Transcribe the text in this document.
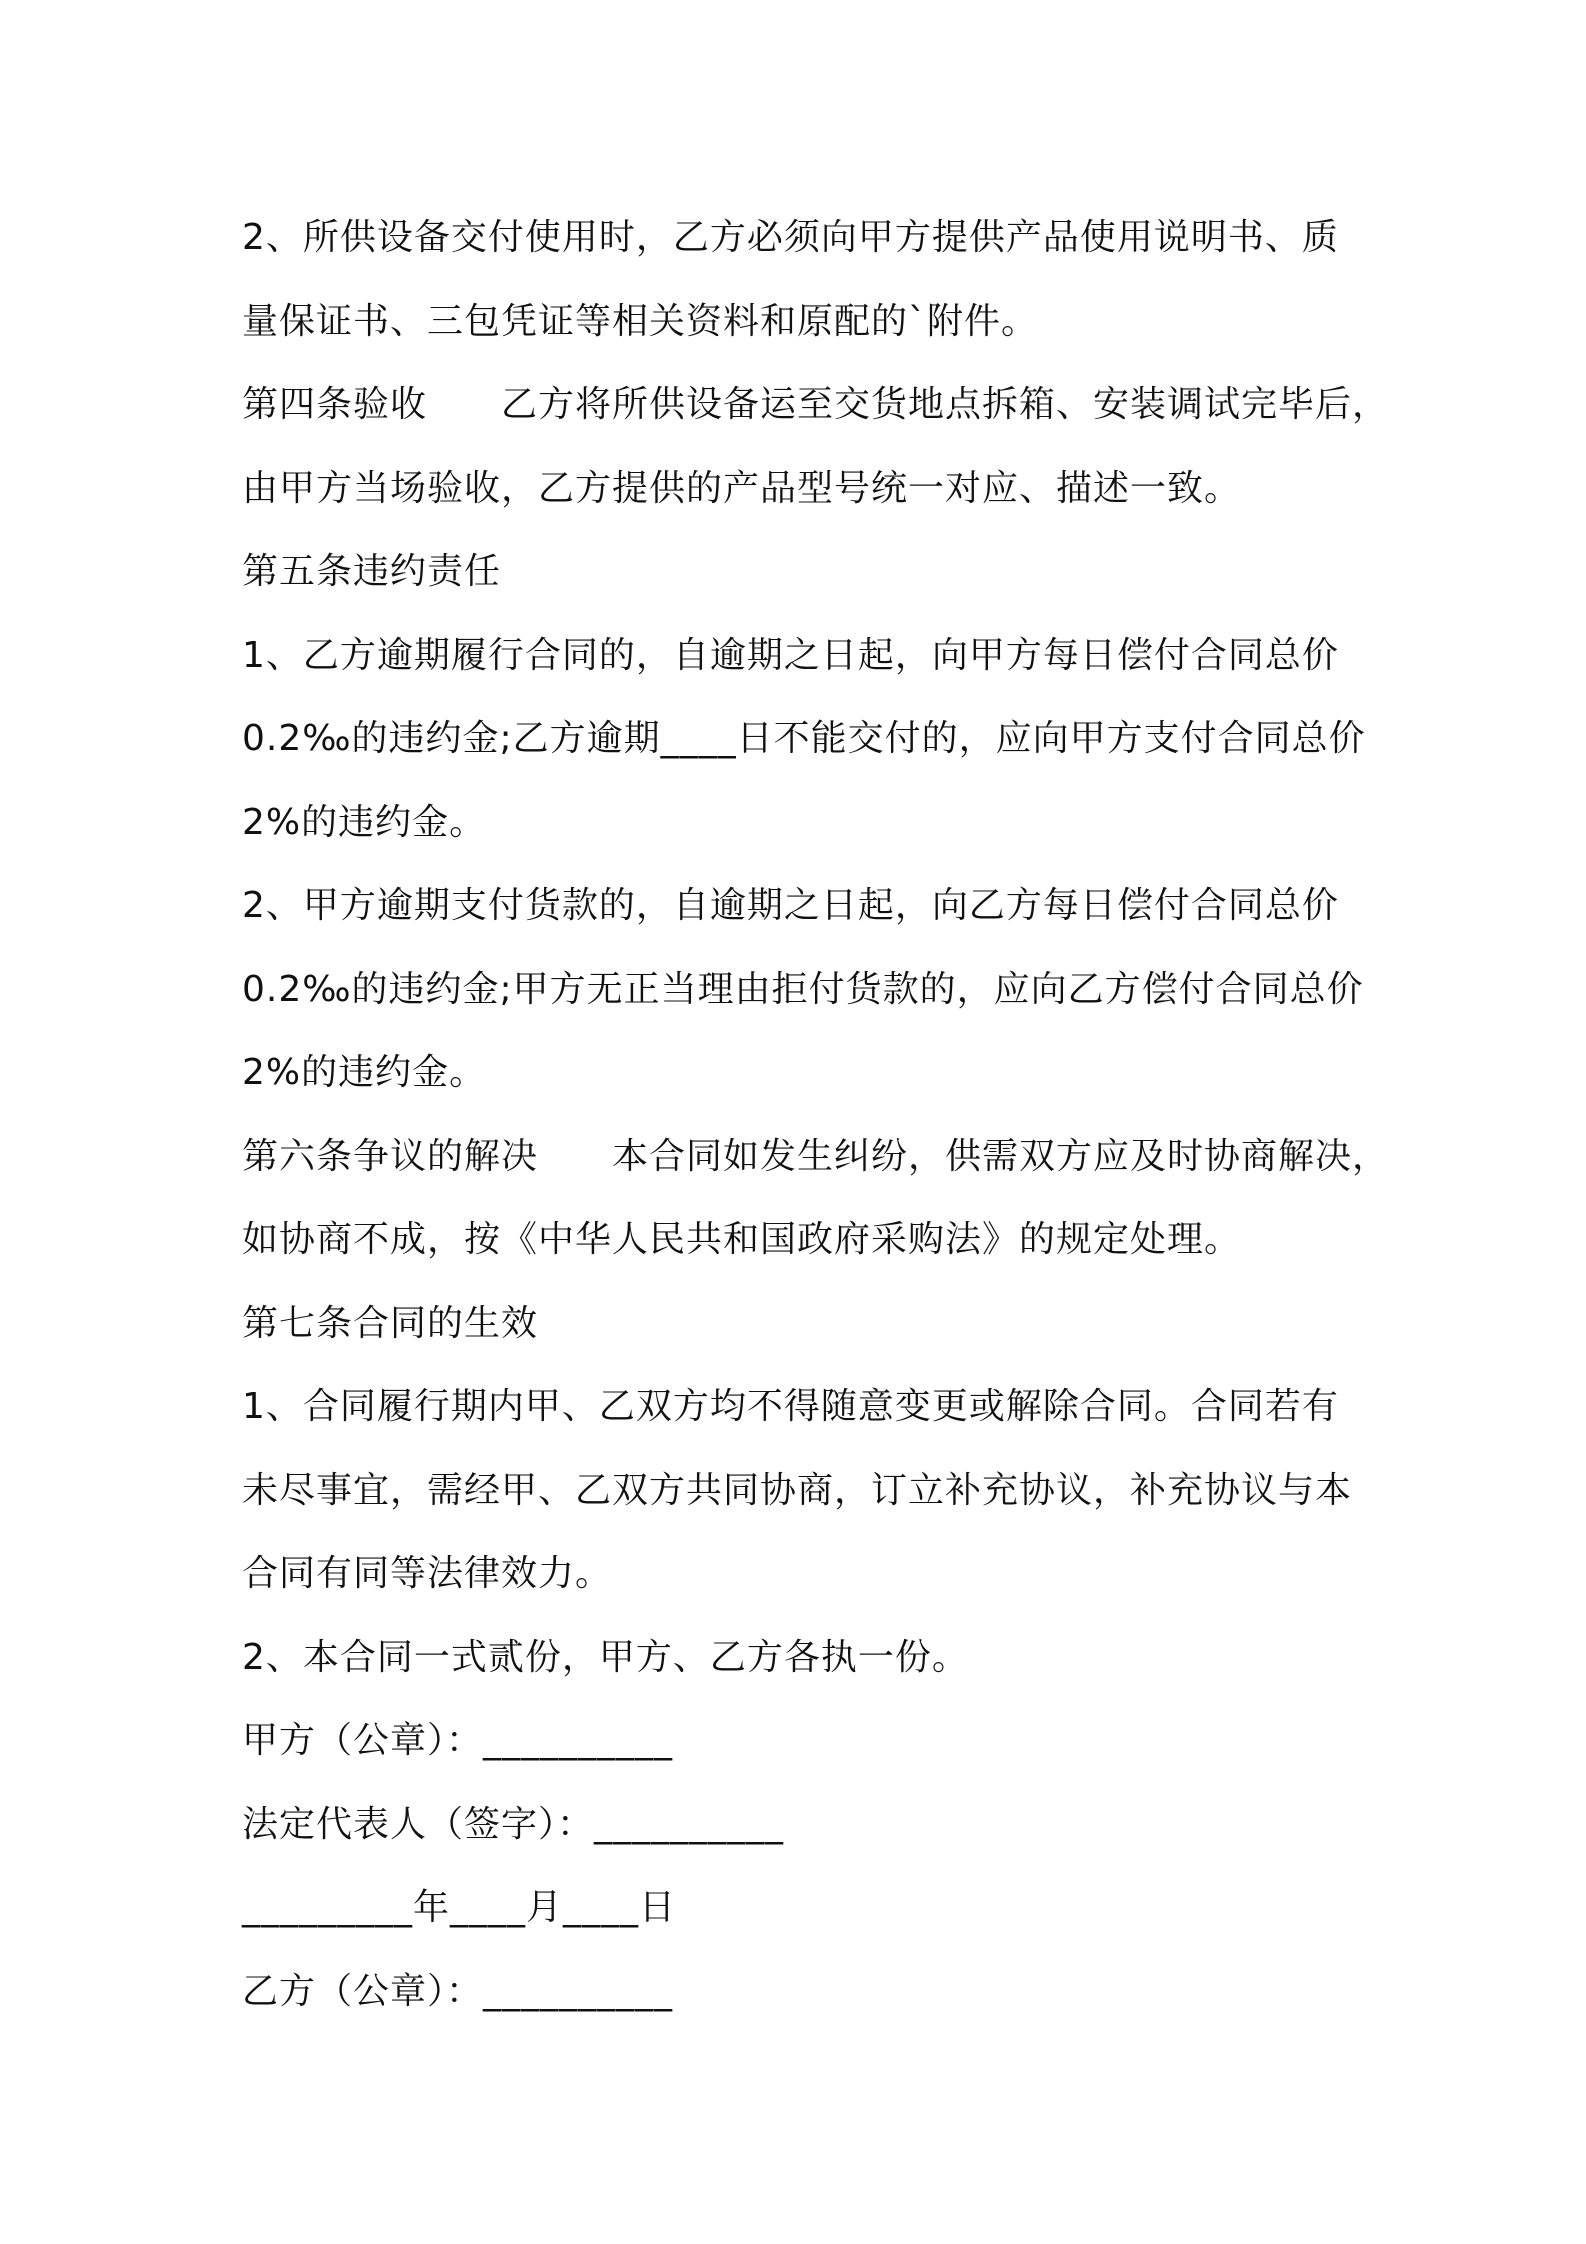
2、所供设备交付使用时，乙方必须向甲方提供产品使用说明书、质
量保证书、三包凭证等相关资料和原配的`附件。
第四条验收　　乙方将所供设备运至交货地点拆箱、安装调试完毕后，
由甲方当场验收，乙方提供的产品型号统一对应、描述一致。
第五条违约责任
1、乙方逾期履行合同的，自逾期之日起，向甲方每日偿付合同总价
0.2‰的违约金;乙方逾期____日不能交付的，应向甲方支付合同总价
2%的违约金。
2、甲方逾期支付货款的，自逾期之日起，向乙方每日偿付合同总价
0.2‰的违约金;甲方无正当理由拒付货款的，应向乙方偿付合同总价
2%的违约金。
第六条争议的解决　　本合同如发生纠纷，供需双方应及时协商解决，
如协商不成，按《中华人民共和国政府采购法》的规定处理。
第七条合同的生效
1、合同履行期内甲、乙双方均不得随意变更或解除合同。合同若有
未尽事宜，需经甲、乙双方共同协商，订立补充协议，补充协议与本
合同有同等法律效力。
2、本合同一式贰份，甲方、乙方各执一份。
甲方（公章）：__________
法定代表人（签字）：__________
_________年____月____日
乙方（公章）：__________
